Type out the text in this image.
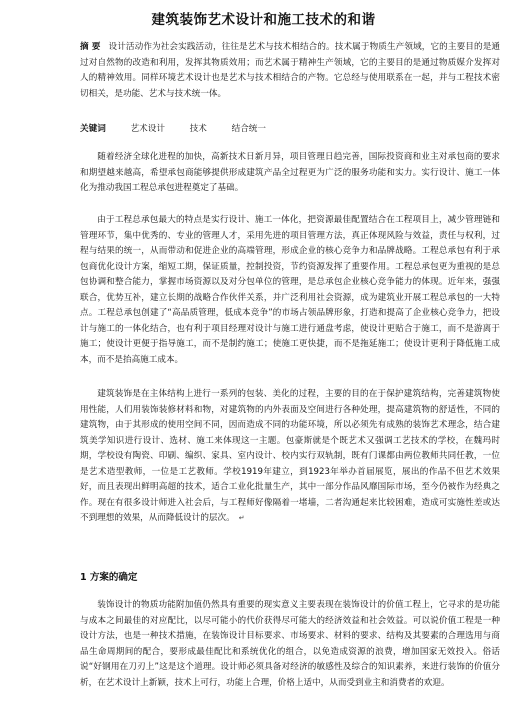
建筑装饰艺术设计和施工技术的和谐
摘 要 设计活动作为社会实践活动，往往是艺术与技术相结合的。技术属于物质生产领域，它的主要目的是通过对自然物的改造和利用，发挥其物质效用；而艺术属于精神生产领域，它的主要目的是通过物质媒介发挥对人的精神效用。同样环境艺术设计也是艺术与技术相结合的产物。它总经与使用联系在一起，并与工程技术密切相关，是功能、艺术与技术统一体。
关键词	艺术设计	技术	结合统一

随着经济全球化进程的加快，高新技术日新月异，项目管理日趋完善，国际投资商和业主对承包商的要求和期望越来越高，希望承包商能够提供形成建筑产品全过程更为广泛的服务功能和实力。实行设计、施工一体化为推动我国工程总承包进程奠定了基础。

由于工程总承包最大的特点是实行设计、施工一体化，把资源最佳配置结合在工程项目上，减少管理链和管理环节，集中优秀的、专业的管理人才，采用先进的项目管理方法，真正体现风险与效益，责任与权利，过程与结果的统一，从而带动和促进企业的高端管理，形成企业的核心竞争力和品牌战略。工程总承包有利于承包商优化设计方案，缩短工期，保证质量，控制投资，节约资源发挥了重要作用。工程总承包更为重视的是总包协调和整合能力，掌握市场资源以及对分包单位的管理，是总承包企业核心竞争能力的体现。近年来，强强联合，优势互补，建立长期的战略合作伙伴关系，并广泛利用社会资源，成为建筑业开展工程总承包的一大特点。工程总承包创建了“高品质管理，低成本竞争”的市场占领品牌形象，打造和提高了企业核心竞争力，把设计与施工的一体化结合，也有利于项目经理对设计与施工进行通盘考虑，使设计更贴合于施工，而不是游离于施工；使设计更便于指导施工，而不是制约施工；使施工更快捷，而不是拖延施工；使设计更利于降低施工成本，而不是抬高施工成本。

建筑装饰是在主体结构上进行一系列的包装、美化的过程，主要的目的在于保护建筑结构，完善建筑物使用性能，人们用装饰装修材料和物，对建筑物的内外表面及空间进行各种处理，提高建筑物的舒适性，不同的建筑物，由于其形成的使用空间不同，因而造成不同的功能环境，所以必须先有成熟的装饰艺术理念，结合建筑美学知识进行设计、选材、施工来体现这一主题。包豪斯就是个既艺术又强调工艺技术的学校，在魏玛时期，学校设有陶瓷、印刷、编织、家具、室内设计、校内实行双轨制，既有门课都由两位教师共同任教，一位是艺术造型教师，一位是工艺教师。学校1919年建立，到1923年举办首届展览，展出的作品不但艺术效果好，而且表现出鲜明高超的技术，适合工业化批量生产，其中一部分作品风靡国际市场，至今仍被作为经典之作。现在有很多设计师进入社会后，与工程师好像隔着一堵墙，二者沟通起来比较困难，造成可实施性差或达不到理想的效果，从而降低设计的层次。 ↵

1 方案的确定

装饰设计的物质功能附加值仍然具有重要的现实意义主要表现在装饰设计的价值工程上，它寻求的是功能与成本之间最佳的对应配比，以尽可能小的代价获得尽可能大的经济效益和社会效益。可以说价值工程是一种设计方法，也是一种技术措施，在装饰设计目标要求、市场要求、材料的要求、结构及其要素的合理选用与商品生命周期间的配合，要形成最佳配比和系统优化的组合，以免造成资源的浪费，增加国家无效投入。俗话说“好钢用在刀刃上”这是这个道理。设计师必须具备对经济的敏感性及综合的知识素养，来进行装饰的价值分析，在艺术设计上新颖，技术上可行，功能上合理，价格上适中，从而受到业主和消费者的欢迎。
